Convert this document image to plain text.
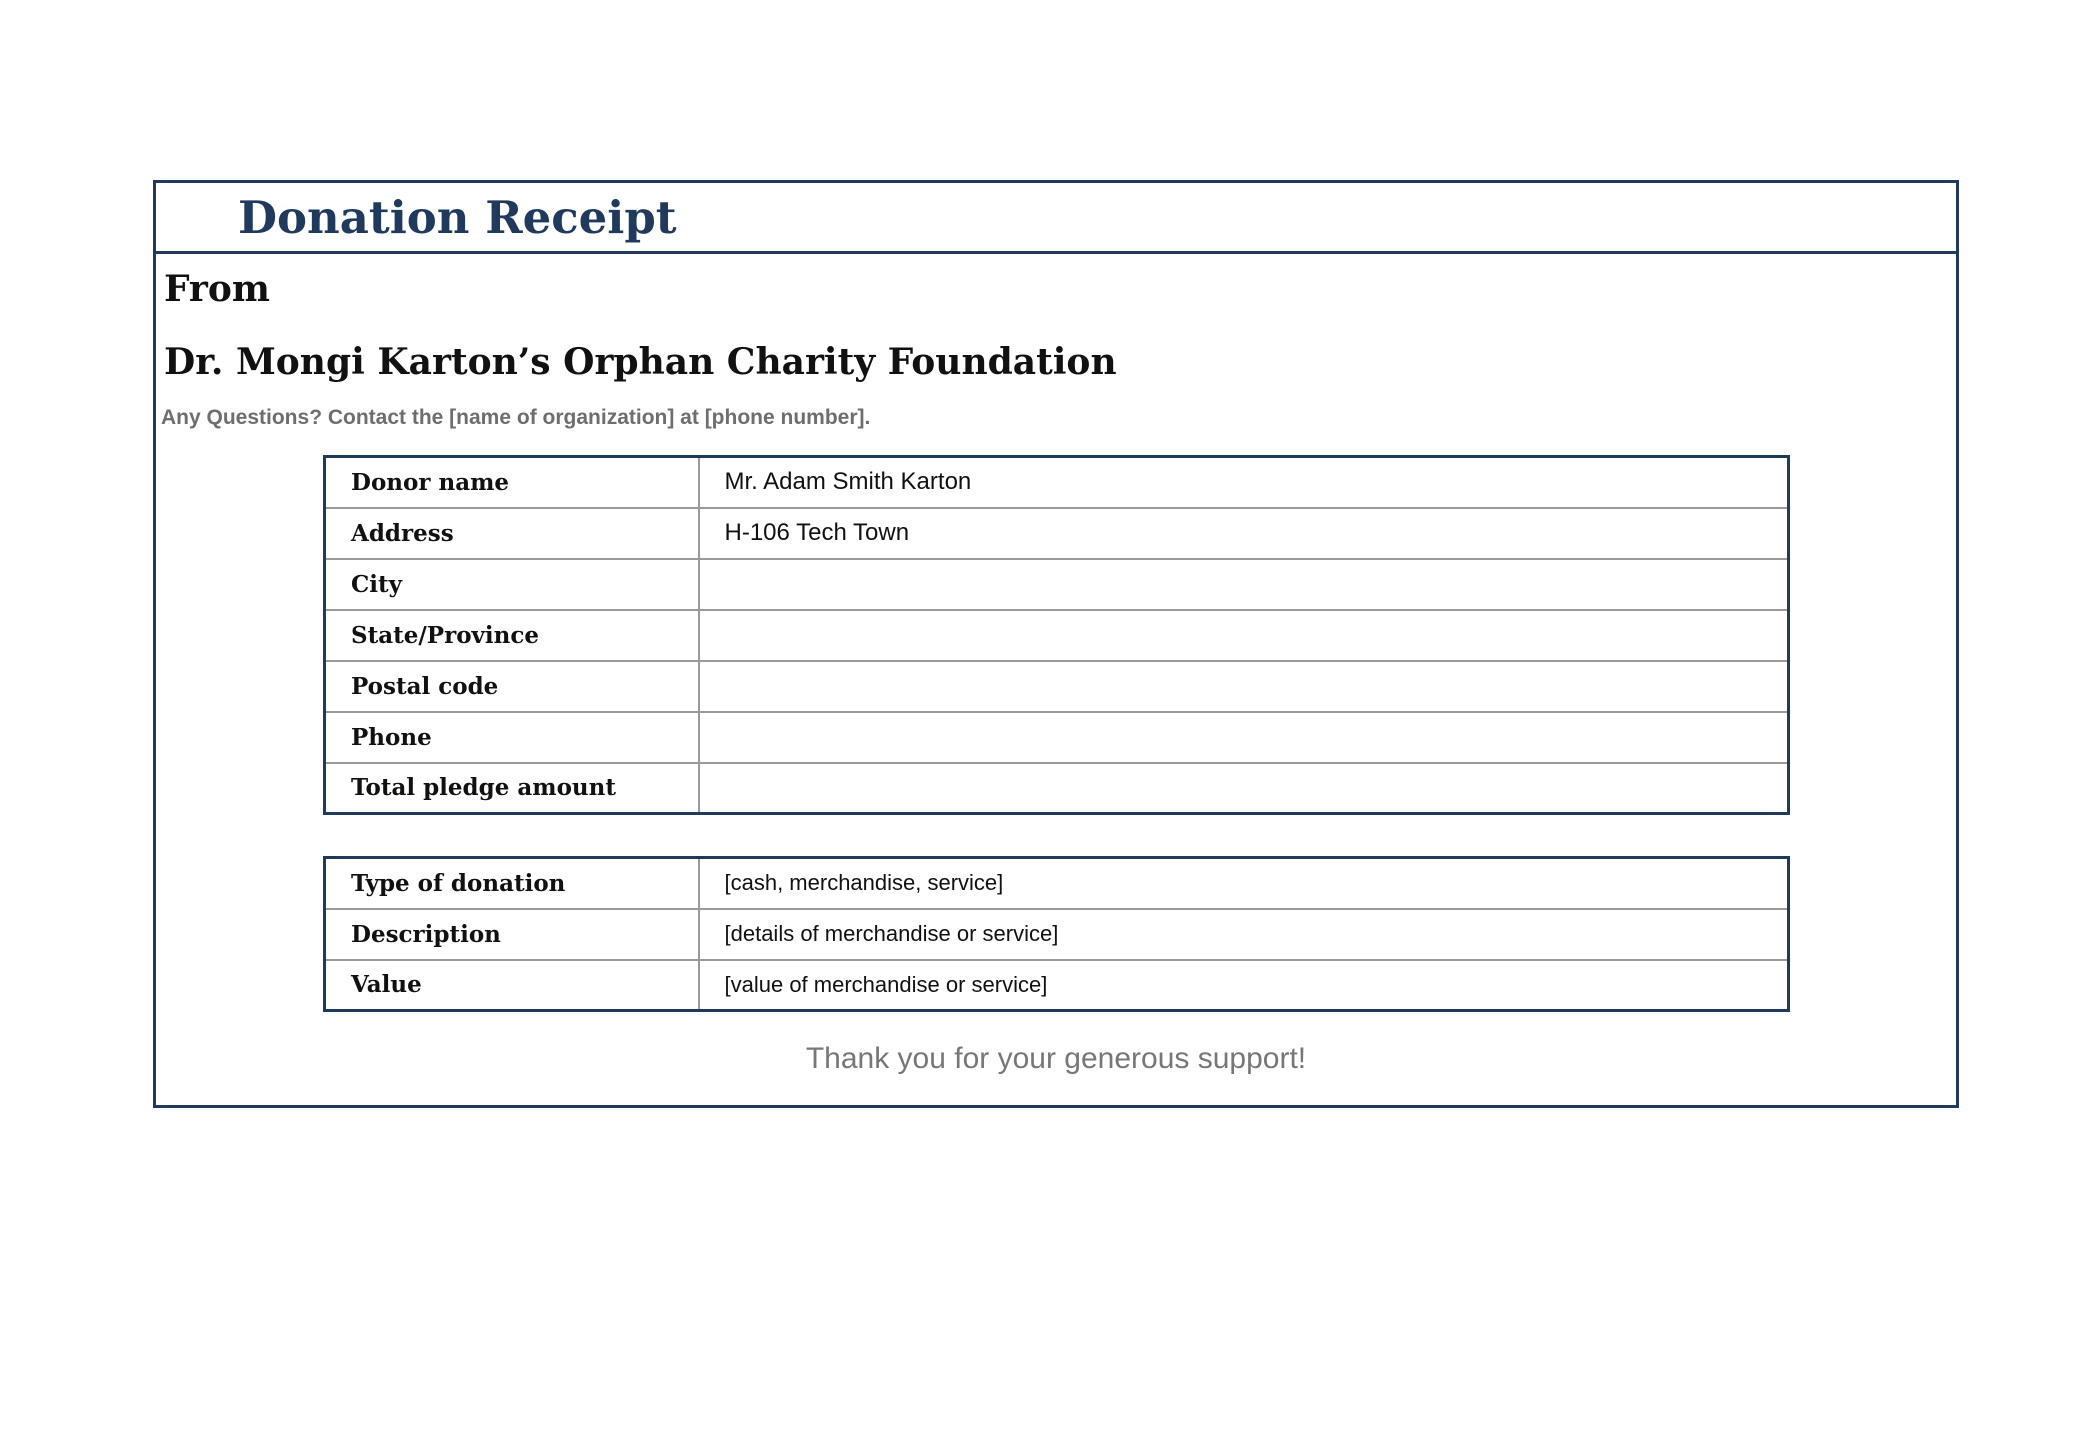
Donation Receipt
From
Dr. Mongi Karton’s Orphan Charity Foundation

Any Questions? Contact the [name of organization] at [phone number].

Donor name	Mr. Adam Smith Karton
Address	H-106 Tech Town
City	
State/Province	
Postal code	
Phone	
Total pledge amount	
Type of donation	[cash, merchandise, service]
Description	[details of merchandise or service]
Value	[value of merchandise or service]

Thank you for your generous support!
